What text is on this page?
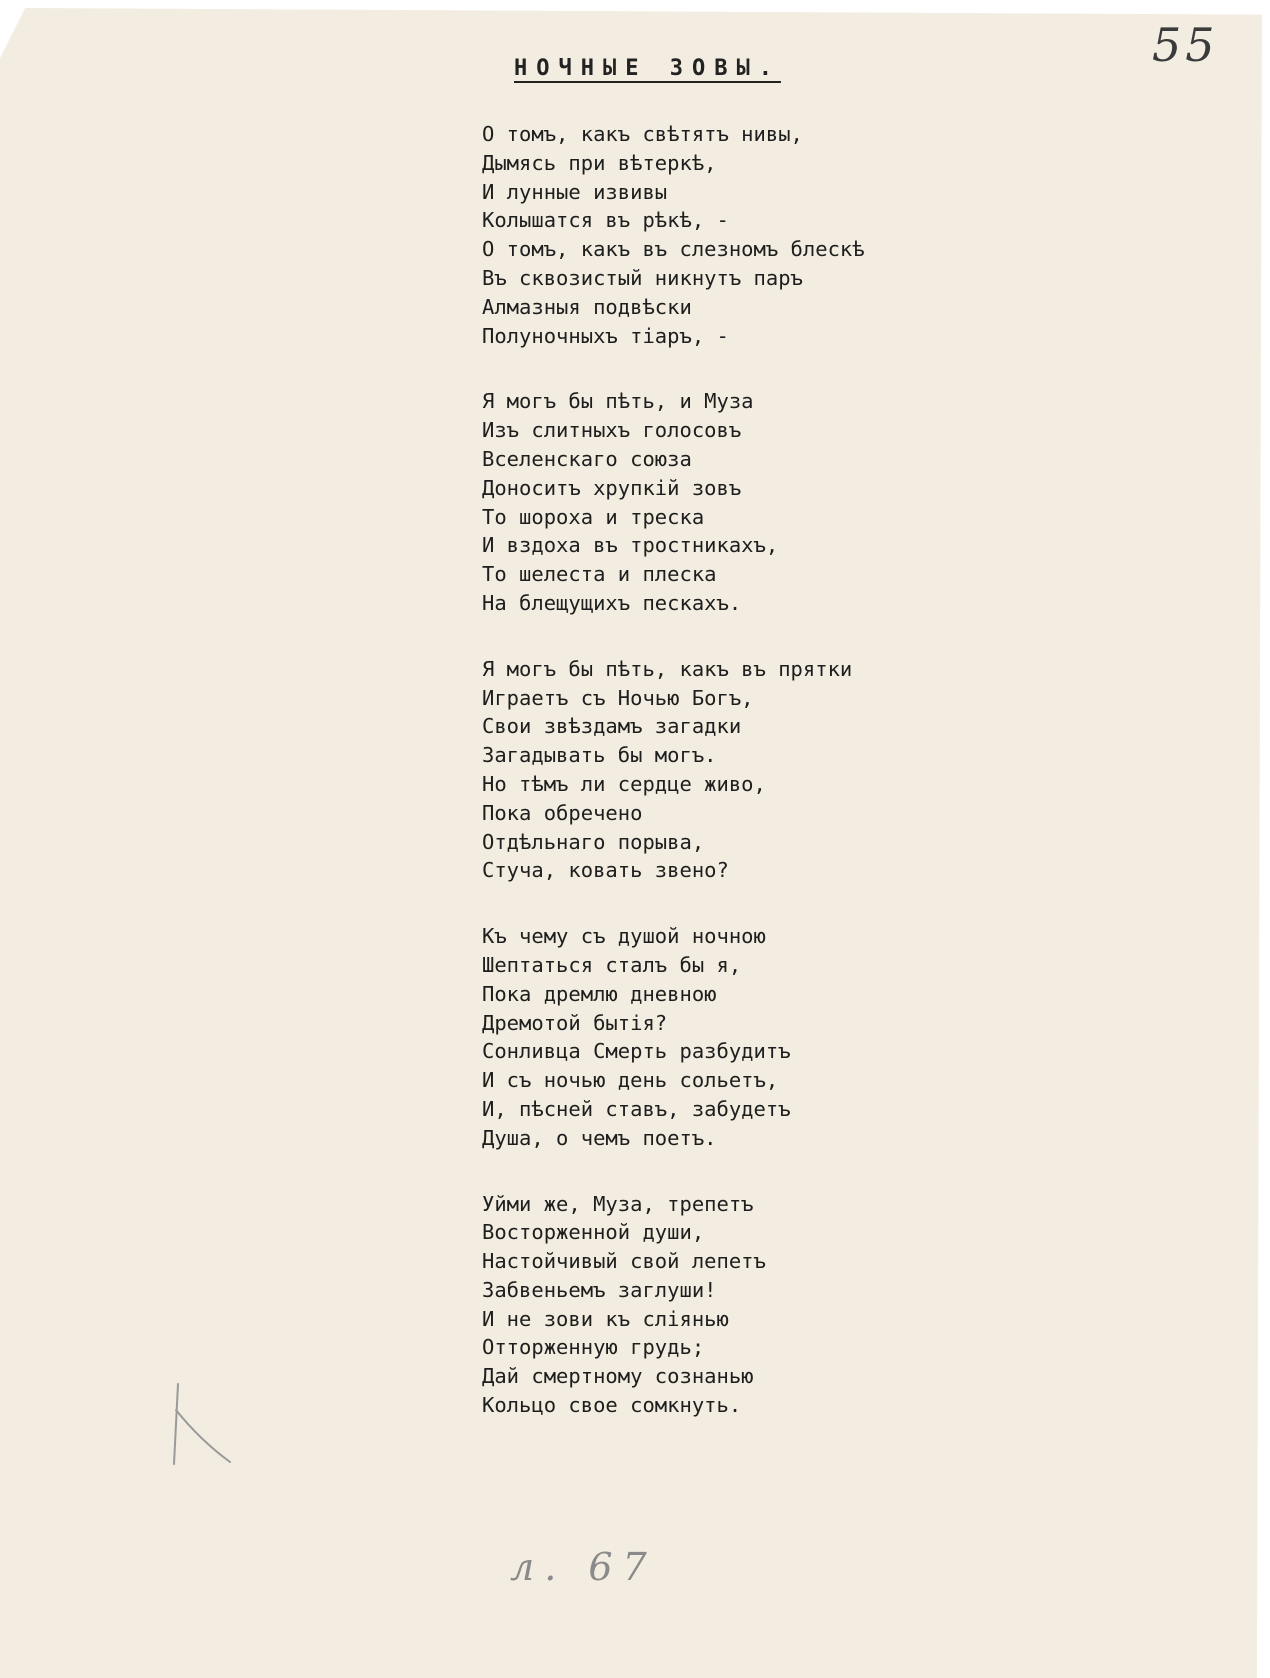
55
НОЧНЫЕ ЗОВЫ.
О томъ, какъ свѣтятъ нивы,
Дымясь при вѣтеркѣ,
И лунные извивы
Колышатся въ рѣкѣ, -
О томъ, какъ въ слезномъ блескѣ
Въ сквозистый никнутъ паръ
Алмазныя подвѣски
Полуночныхъ тіаръ, -
Я могъ бы пѣть, и Муза
Изъ слитныхъ голосовъ
Вселенскаго союза
Доноситъ хрупкій зовъ
То шороха и треска
И вздоха въ тростникахъ,
То шелеста и плеска
На блещущихъ пескахъ.
Я могъ бы пѣть, какъ въ прятки
Играетъ съ Ночью Богъ,
Свои звѣздамъ загадки
Загадывать бы могъ.
Но тѣмъ ли сердце живо,
Пока обречено
Отдѣльнаго порыва,
Стуча, ковать звено?
Къ чему съ душой ночною
Шептаться сталъ бы я,
Пока дремлю дневною
Дремотой бытія?
Сонливца Смерть разбудитъ
И съ ночью день сольетъ,
И, пѣсней ставъ, забудетъ
Душа, о чемъ поетъ.
Уйми же, Муза, трепетъ
Восторженной души,
Настойчивый свой лепетъ
Забвеньемъ заглуши!
И не зови къ сліянью
Отторженную грудь;
Дай смертному сознанью
Кольцо свое сомкнуть.
л. 67
